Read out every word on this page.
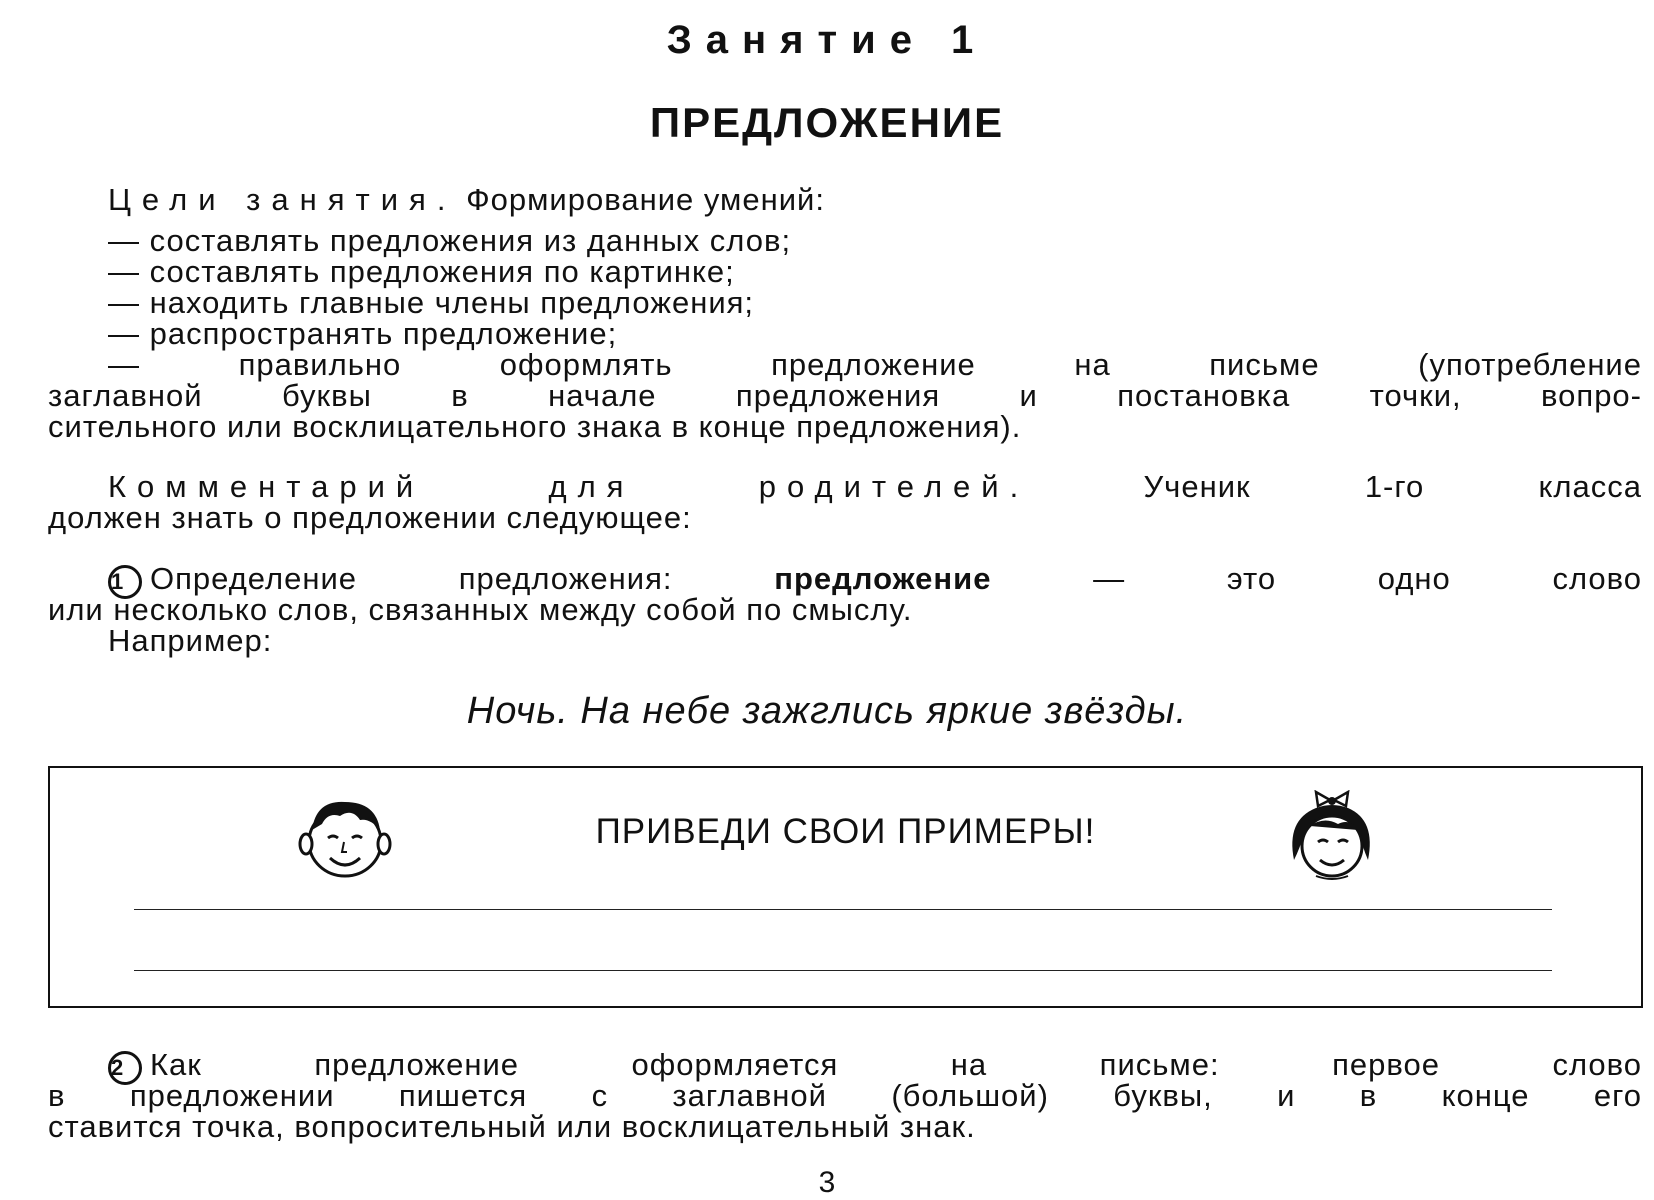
Занятие 1
ПРЕДЛОЖЕНИЕ
Цели занятия. Формирование умений:
— составлять предложения из данных слов;
— составлять предложения по картинке;
— находить главные члены предложения;
— распространять предложение;
— правильно оформлять предложение на письме (употребление
заглавной буквы в начале предложения и постановка точки, вопро-
сительного или восклицательного знака в конце предложения).
Комментарий для родителей.	Ученик 1-го класса
должен знать о предложении следующее:
1 Определение предложения:	предложение	— это одно слово
или несколько слов, связанных между собой по смыслу.
Например:
Ночь. На небе зажглись яркие звёзды.
ПРИВЕДИ СВОИ ПРИМЕРЫ!
2 Как предложение оформляется на письме: первое слово
в предложении пишется с заглавной (большой) буквы, и в конце его
ставится точка, вопросительный или восклицательный знак.
3
